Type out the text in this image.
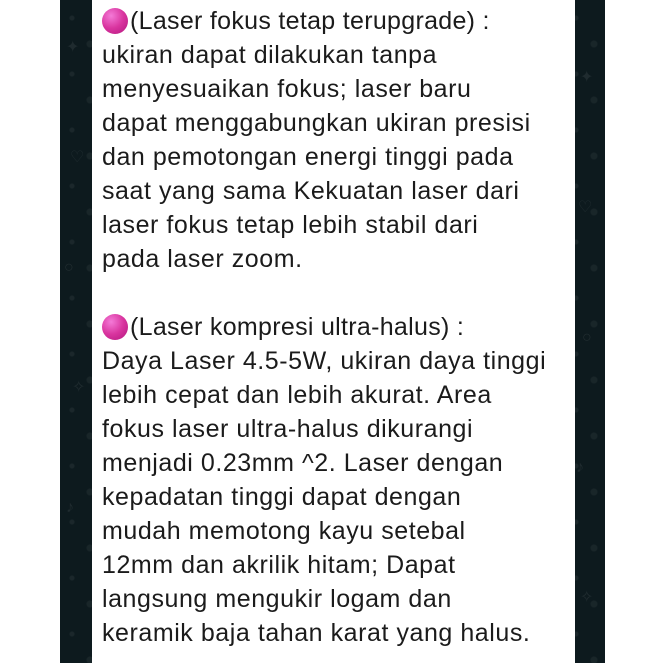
✦
♡
○
✧
♪
✦
♡
○
♪
✧
(Laser fokus tetap terupgrade) :

ukiran dapat dilakukan tanpa
menyesuaikan fokus; laser baru
dapat menggabungkan ukiran presisi
dan pemotongan energi tinggi pada
saat yang sama Kekuatan laser dari
laser fokus tetap lebih stabil dari
pada laser zoom.

(Laser kompresi ultra-halus) :

Daya Laser 4.5-5W, ukiran daya tinggi
lebih cepat dan lebih akurat. Area
fokus laser ultra-halus dikurangi
menjadi 0.23mm ^2. Laser dengan
kepadatan tinggi dapat dengan
mudah memotong kayu setebal
12mm dan akrilik hitam; Dapat
langsung mengukir logam dan
keramik baja tahan karat yang halus.
